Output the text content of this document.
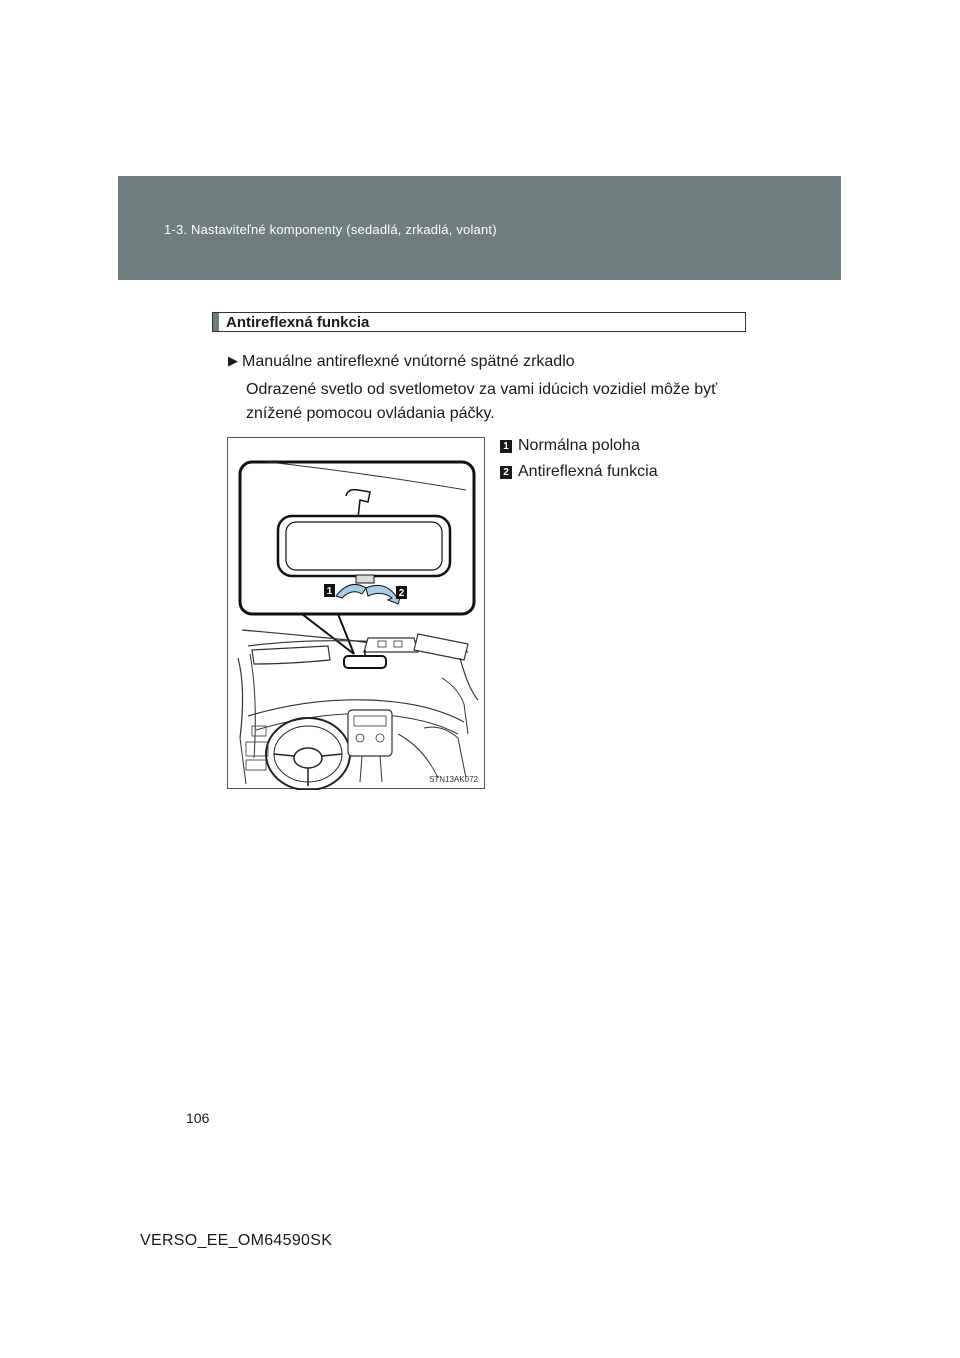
1-3. Nastaviteľné komponenty (sedadlá, zrkadlá, volant)
Antireflexná funkcia
▶ Manuálne antireflexné vnútorné spätné zrkadlo
Odrazené svetlo od svetlometov za vami idúcich vozidiel môže byť znížené pomocou ovládania páčky.
1 Normálna poloha
2 Antireflexná funkcia
1	2
STN13AK072
106
VERSO_EE_OM64590SK
